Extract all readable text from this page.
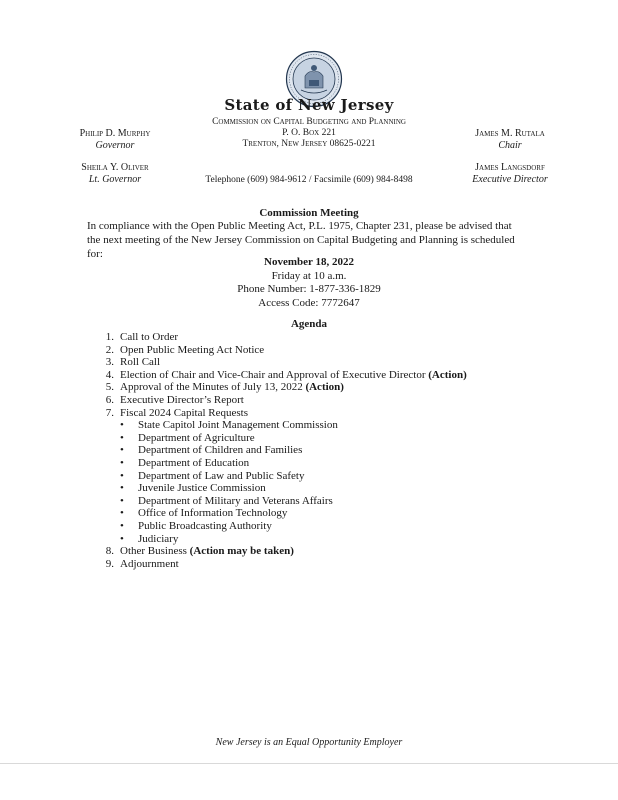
State of New Jersey
Commission on Capital Budgeting and Planning
P. O. Box 221
Trenton, New Jersey 08625-0221
Telephone (609) 984-9612 / Facsimile (609) 984-8498
Philip D. Murphy
Governor
Sheila Y. Oliver
Lt. Governor
James M. Rutala
Chair
James Langsdorf
Executive Director
Commission Meeting
In compliance with the Open Public Meeting Act, P.L. 1975, Chapter 231, please be advised that the next meeting of the New Jersey Commission on Capital Budgeting and Planning is scheduled for:
November 18, 2022
Friday at 10 a.m.
Phone Number: 1-877-336-1829
Access Code: 7772647
Agenda
1. Call to Order
2. Open Public Meeting Act Notice
3. Roll Call
4. Election of Chair and Vice-Chair and Approval of Executive Director (Action)
5. Approval of the Minutes of July 13, 2022 (Action)
6. Executive Director’s Report
7. Fiscal 2024 Capital Requests
• State Capitol Joint Management Commission
• Department of Agriculture
• Department of Children and Families
• Department of Education
• Department of Law and Public Safety
• Juvenile Justice Commission
• Department of Military and Veterans Affairs
• Office of Information Technology
• Public Broadcasting Authority
• Judiciary
8. Other Business (Action may be taken)
9. Adjournment
New Jersey is an Equal Opportunity Employer
